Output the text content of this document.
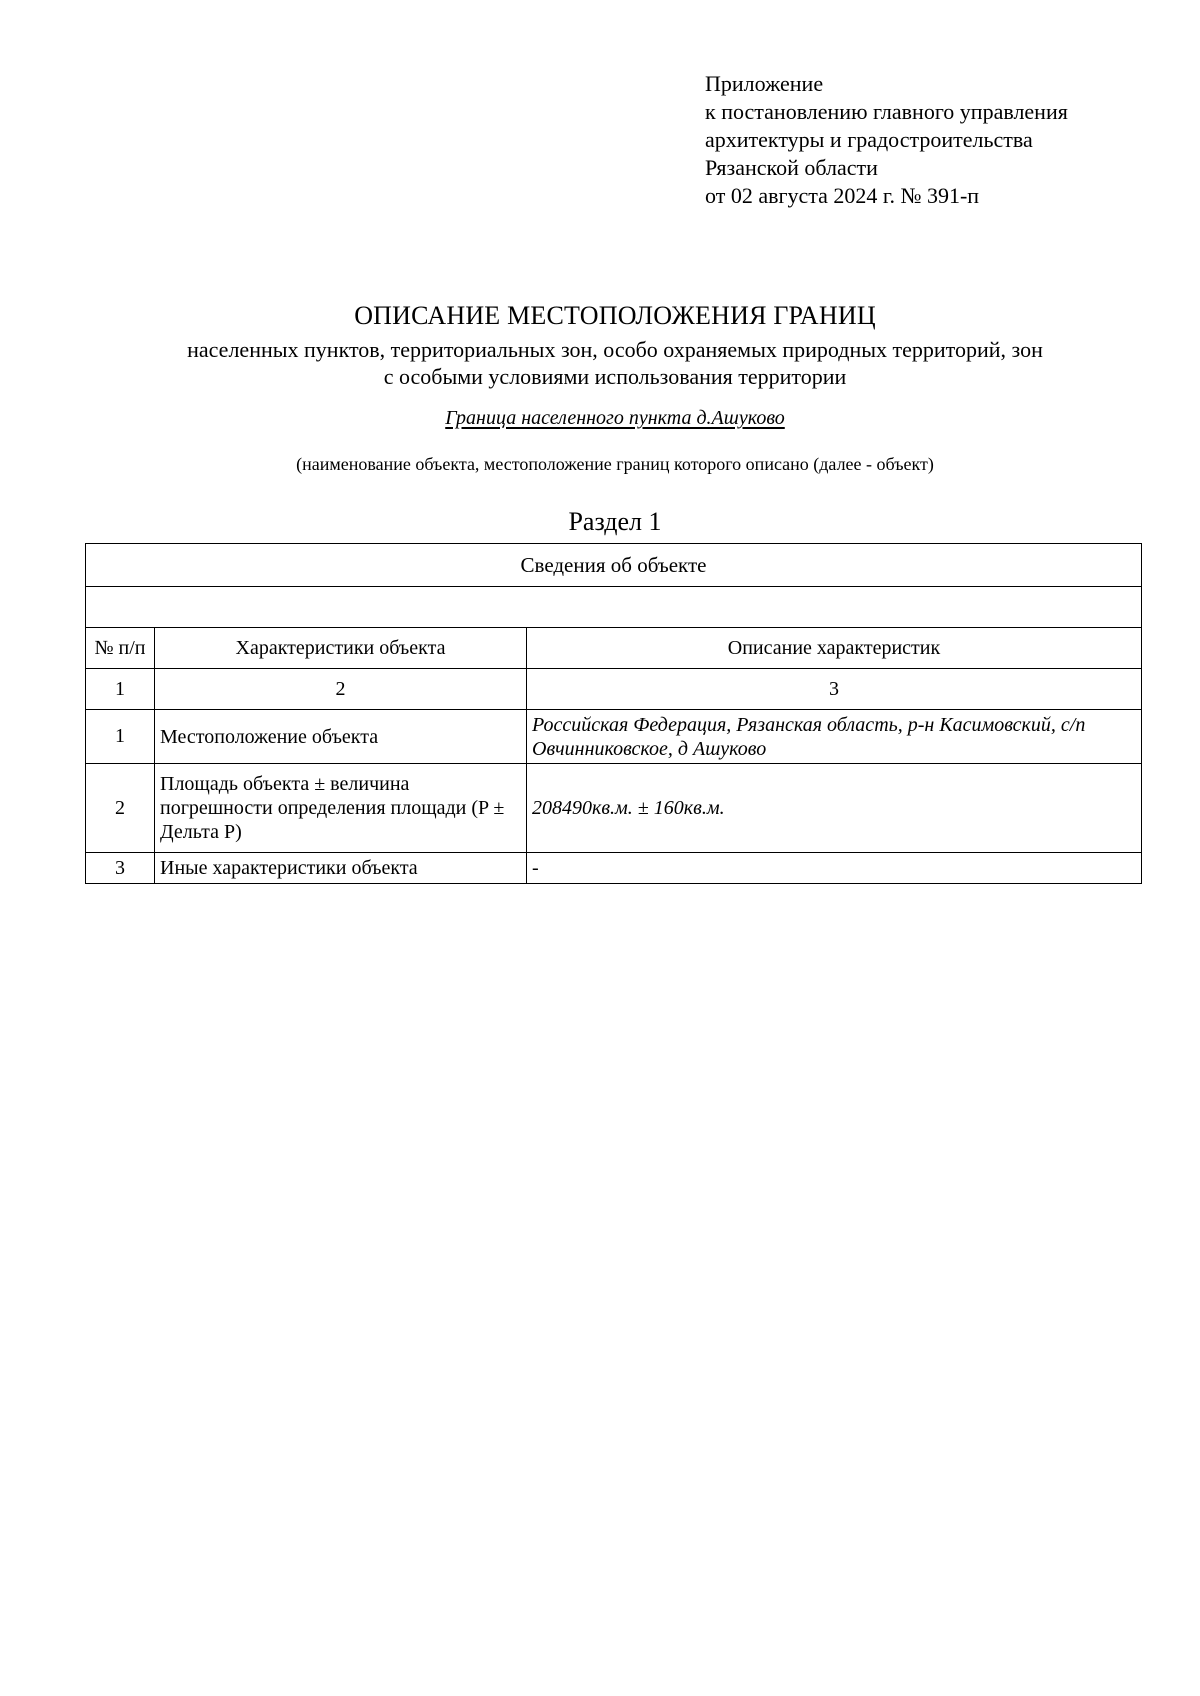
Приложение
к постановлению главного управления
архитектуры и градостроительства
Рязанской области
от 02 августа 2024 г. № 391-п
ОПИСАНИЕ МЕСТОПОЛОЖЕНИЯ ГРАНИЦ
населенных пунктов, территориальных зон, особо охраняемых природных территорий, зон
с особыми условиями использования территории
Граница населенного пункта д.Ашуково
(наименование объекта, местоположение границ которого описано (далее - объект)
Раздел 1
Сведения об объекте		

№ п/п	Характеристики объекта	Описание характеристик
1	2	3
1	Местоположение объекта	Российская Федерация, Рязанская область, р-н Касимовский, с/п Овчинниковское, д Ашуково
2	Площадь объекта ± величина погрешности определения площади (P ± Дельта P)	208490кв.м. ± 160кв.м.
3	Иные характеристики объекта	-
